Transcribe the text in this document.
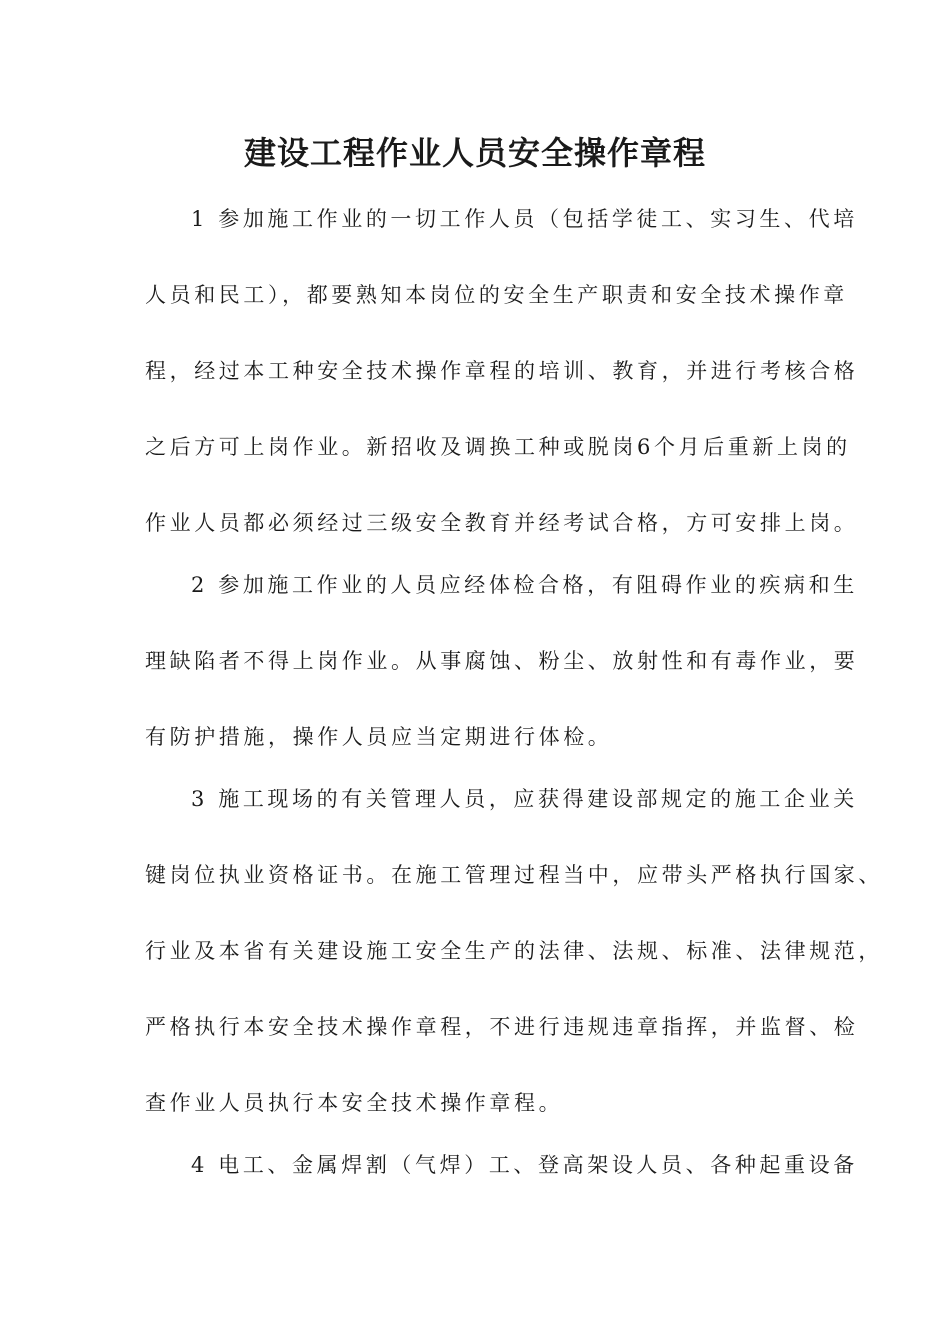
建设工程作业人员安全操作章程
1 参加施工作业的一切工作人员（包括学徒工、实习生、代培
人员和民工），都要熟知本岗位的安全生产职责和安全技术操作章
程，经过本工种安全技术操作章程的培训、教育，并进行考核合格
之后方可上岗作业。新招收及调换工种或脱岗6个月后重新上岗的
作业人员都必须经过三级安全教育并经考试合格，方可安排上岗。
2 参加施工作业的人员应经体检合格，有阻碍作业的疾病和生
理缺陷者不得上岗作业。从事腐蚀、粉尘、放射性和有毒作业，要
有防护措施，操作人员应当定期进行体检。
3 施工现场的有关管理人员，应获得建设部规定的施工企业关
键岗位执业资格证书。在施工管理过程当中，应带头严格执行国家、
行业及本省有关建设施工安全生产的法律、法规、标准、法律规范，
严格执行本安全技术操作章程，不进行违规违章指挥，并监督、检
查作业人员执行本安全技术操作章程。
4 电工、金属焊割（气焊）工、登高架设人员、各种起重设备
